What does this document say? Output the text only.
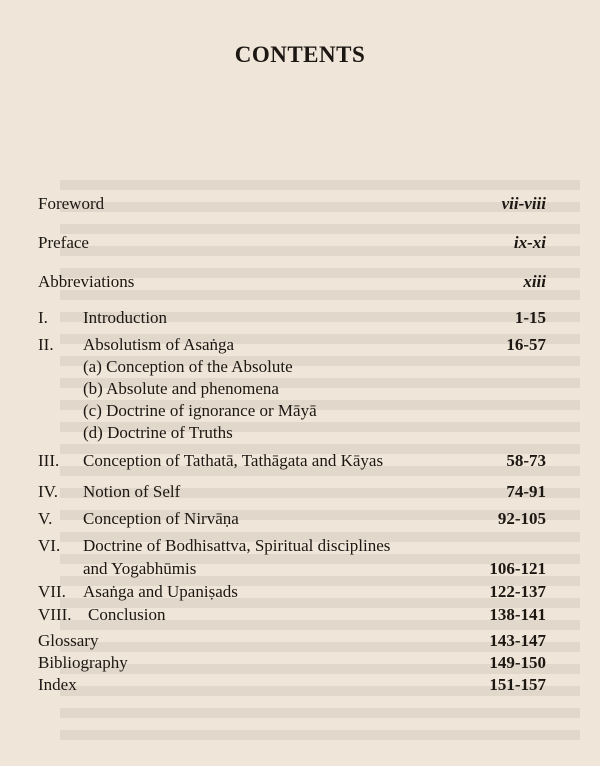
CONTENTS
Foreword	vii-viii
Preface	ix-xi
Abbreviations	xiii
I. Introduction	1-15
II. Absolutism of Asaṅga	16-57
(a) Conception of the Absolute
(b) Absolute and phenomena
(c) Doctrine of ignorance or Māyā
(d) Doctrine of Truths
III. Conception of Tathatā, Tathāgata and Kāyas	58-73
IV. Notion of Self	74-91
V. Conception of Nirvāṇa	92-105
VI. Doctrine of Bodhisattva, Spiritual disciplines
and Yogabhūmis	106-121
VII. Asaṅga and Upaniṣads	122-137
VIII. Conclusion	138-141
Glossary	143-147
Bibliography	149-150
Index	151-157
